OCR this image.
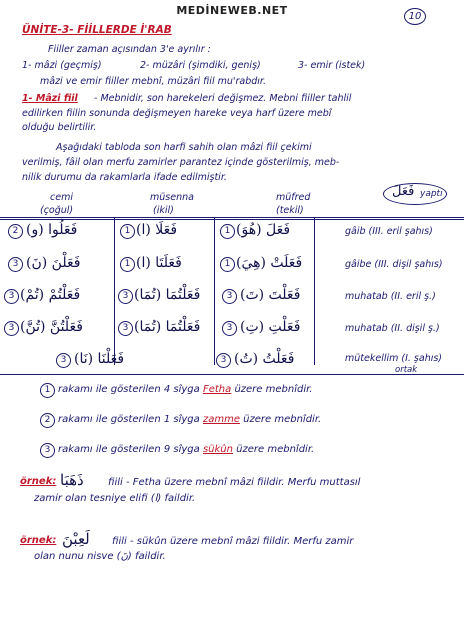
MEDİNEWEB.NET	10
ÜNİTE-3- FİİLLERDE İ'RAB
Fiiller zaman açısından 3'e ayrılır :
1- mâzi (geçmiş)	2- müzâri (şimdiki, geniş)	3- emir (istek)
mâzi ve emir fiiller mebnî, müzâri fiil mu'rabdır.
1- Mâzi fiil - Mebnidir, son harekeleri değişmez. Mebni fiiller tahlil
edilirken fiilin sonunda değişmeyen hareke veya harf üzere mebî
olduğu belirtilir.
Aşağıdaki tabloda son harfi sahih olan mâzi fiil çekimi
verilmiş, fâil olan merfu zamirler parantez içinde gösterilmiş, meb-
nilik durumu da rakamlarla ifade edilmiştir.
cemi
(çoğul)
müsenna
(ikil)
müfred
(tekil)
فَعَلَ yaptı
2 فَعَلُوا (و)	1 فَعَلَا (ا)	1 فَعَلَ (هُوَ)	gâib (III. eril şahıs)
3 فَعَلْنَ (نَ)	1 فَعَلَتَا (ا)	1 فَعَلَتْ (هِيَ)	gâibe (III. dişil şahıs)
3 فَعَلْتُمْ (تُمْ)	3 فَعَلْتُمَا (تُمَا)	3 فَعَلْتَ (تَ)	muhatab (II. eril ş.)
3 فَعَلْتُنَّ (تُنَّ)	3 فَعَلْتُمَا (تُمَا)	3 فَعَلْتِ (تِ)	muhatab (II. dişil ş.)
3 فَعَلْنَا (نَا)	3 فَعَلْتُ (تُ)	mütekellim (I. şahıs)
ortak
1 rakamı ile gösterilen 4 sîyga Fetha üzere mebnîdir.
2 rakamı ile gösterilen 1 sîyga zamme üzere mebnîdir.
3 rakamı ile gösterilen 9 sîyga sükûn üzere mebnîdir.
örnek: ذَهَبَا fiili - Fetha üzere mebnî mâzi fiildir. Merfu muttasıl
zamir olan tesniye elifi (ا) faildir.
örnek: لَعِبْنَ fiili - sükûn üzere mebnî mâzi fiildir. Merfu zamir
olan nunu nisve (نَ) faildir.
